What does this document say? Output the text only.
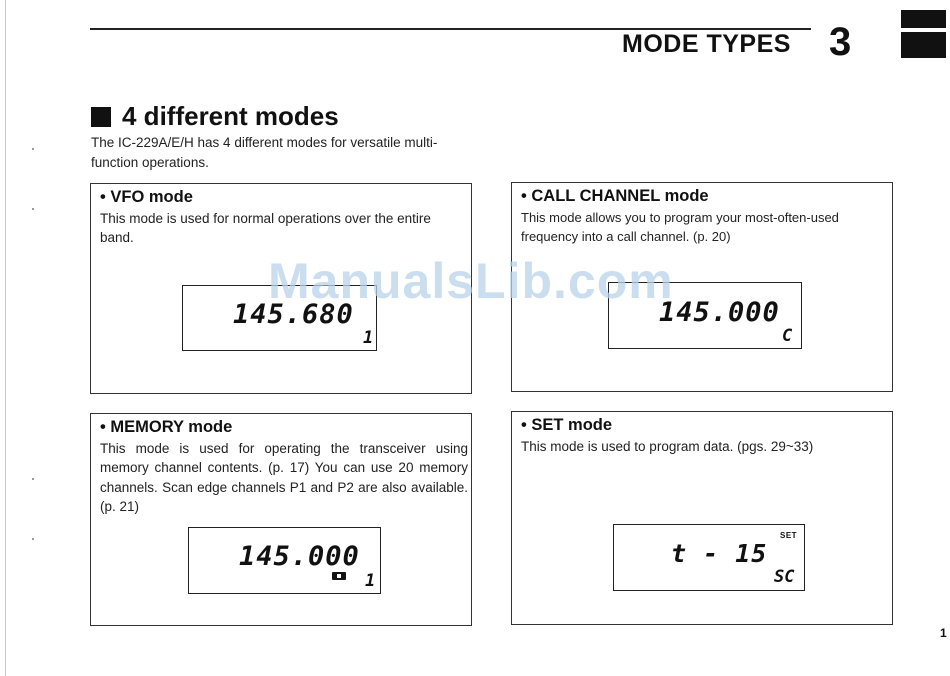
MODE TYPES 3
4 different modes
The IC-229A/E/H has 4 different modes for versatile multi-function operations.
• VFO mode
This mode is used for normal operations over the entire band.
145.680
1
• CALL CHANNEL mode
This mode allows you to program your most-often-used frequency into a call channel. (p. 20)
145.000
C
• MEMORY mode
This mode is used for operating the transceiver using memory channel contents. (p. 17) You can use 20 memory channels. Scan edge channels P1 and P2 are also available. (p. 21)
145.000
1
• SET mode
This mode is used to program data. (pgs. 29~33)
SET
t - 15
SC
ManualsLib.com
1
